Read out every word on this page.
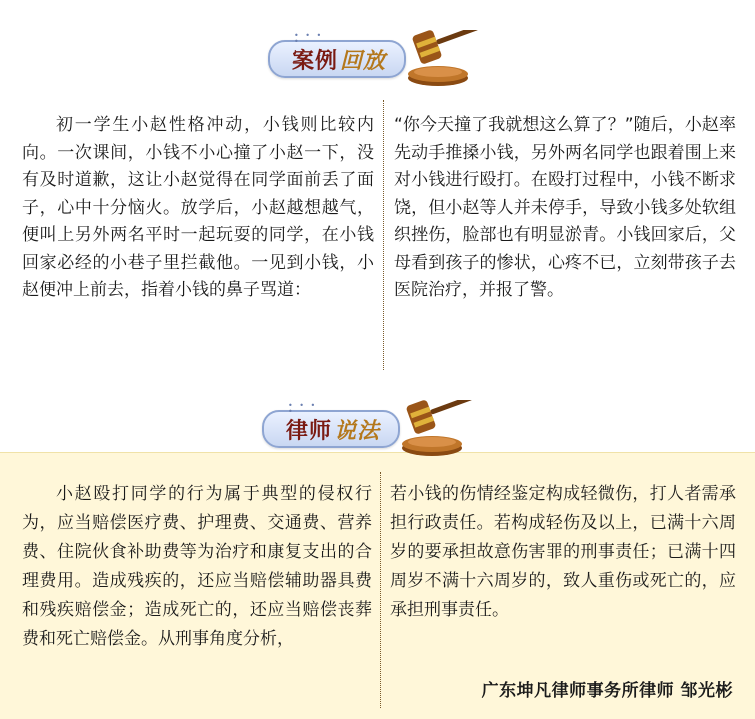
• • • •
案例 回放

初一学生小赵性格冲动，小钱则比较内向。一次课间，小钱不小心撞了小赵一下，没有及时道歉，这让小赵觉得在同学面前丢了面子，心中十分恼火。放学后，小赵越想越气，便叫上另外两名平时一起玩耍的同学，在小钱回家必经的小巷子里拦截他。一见到小钱，小赵便冲上前去，指着小钱的鼻子骂道：

“你今天撞了我就想这么算了？”随后，小赵率先动手推搡小钱，另外两名同学也跟着围上来对小钱进行殴打。在殴打过程中，小钱不断求饶，但小赵等人并未停手，导致小钱多处软组织挫伤，脸部也有明显淤青。小钱回家后，父母看到孩子的惨状，心疼不已，立刻带孩子去医院治疗，并报了警。

• • • •
律师 说法

小赵殴打同学的行为属于典型的侵权行为，应当赔偿医疗费、护理费、交通费、营养费、住院伙食补助费等为治疗和康复支出的合理费用。造成残疾的，还应当赔偿辅助器具费和残疾赔偿金；造成死亡的，还应当赔偿丧葬费和死亡赔偿金。从刑事角度分析，

若小钱的伤情经鉴定构成轻微伤，打人者需承担行政责任。若构成轻伤及以上，已满十六周岁的要承担故意伤害罪的刑事责任；已满十四周岁不满十六周岁的，致人重伤或死亡的，应承担刑事责任。

广东坤凡律师事务所律师 邹光彬
